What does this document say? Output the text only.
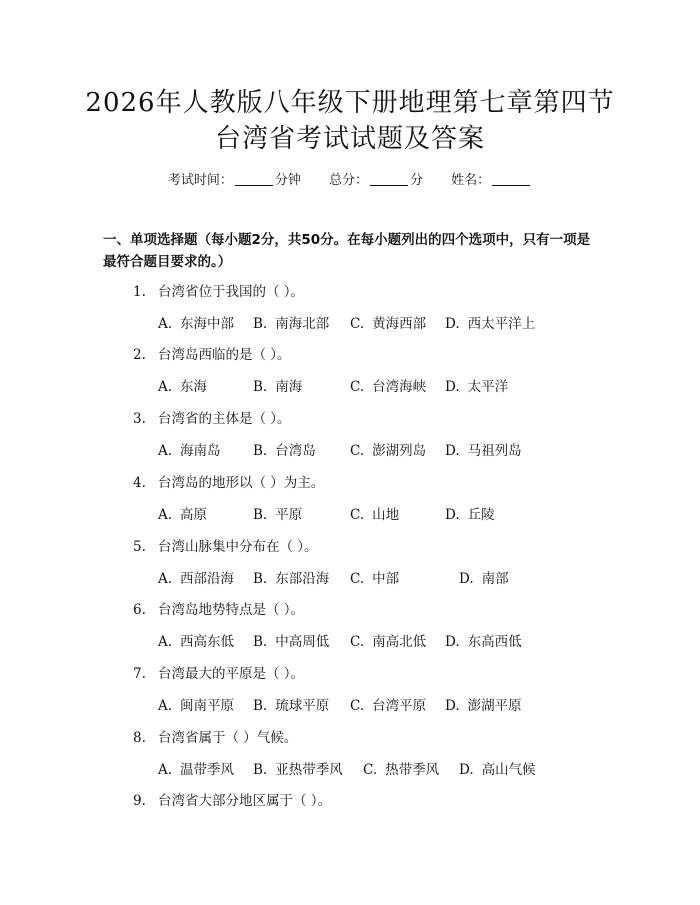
2026年人教版八年级下册地理第七章第四节
台湾省考试试题及答案
考试时间：	分钟 总分：	分 姓名：
一、单项选择题（每小题2分，共50分。在每小题列出的四个选项中，只有一项是最符合题目要求的。）
1. 台湾省位于我国的（ ）。
A. 东海中部 B. 南海北部 C. 黄海西部 D. 西太平洋上
2. 台湾岛西临的是（ ）。
A. 东海	B. 南海	C. 台湾海峡 D. 太平洋
3. 台湾省的主体是（ ）。
A. 海南岛 B. 台湾岛	C. 澎湖列岛 D. 马祖列岛
4. 台湾岛的地形以（ ）为主。
A. 高原	B. 平原	C. 山地	D. 丘陵
5. 台湾山脉集中分布在（ ）。
A. 西部沿海 B. 东部沿海 C. 中部	D. 南部
6. 台湾岛地势特点是（ ）。
A. 西高东低 B. 中高周低 C. 南高北低 D. 东高西低
7. 台湾最大的平原是（ ）。
A. 闽南平原 B. 琉球平原 C. 台湾平原 D. 澎湖平原
8. 台湾省属于（ ）气候。
A. 温带季风 B. 亚热带季风 C. 热带季风 D. 高山气候
9. 台湾省大部分地区属于（ ）。
